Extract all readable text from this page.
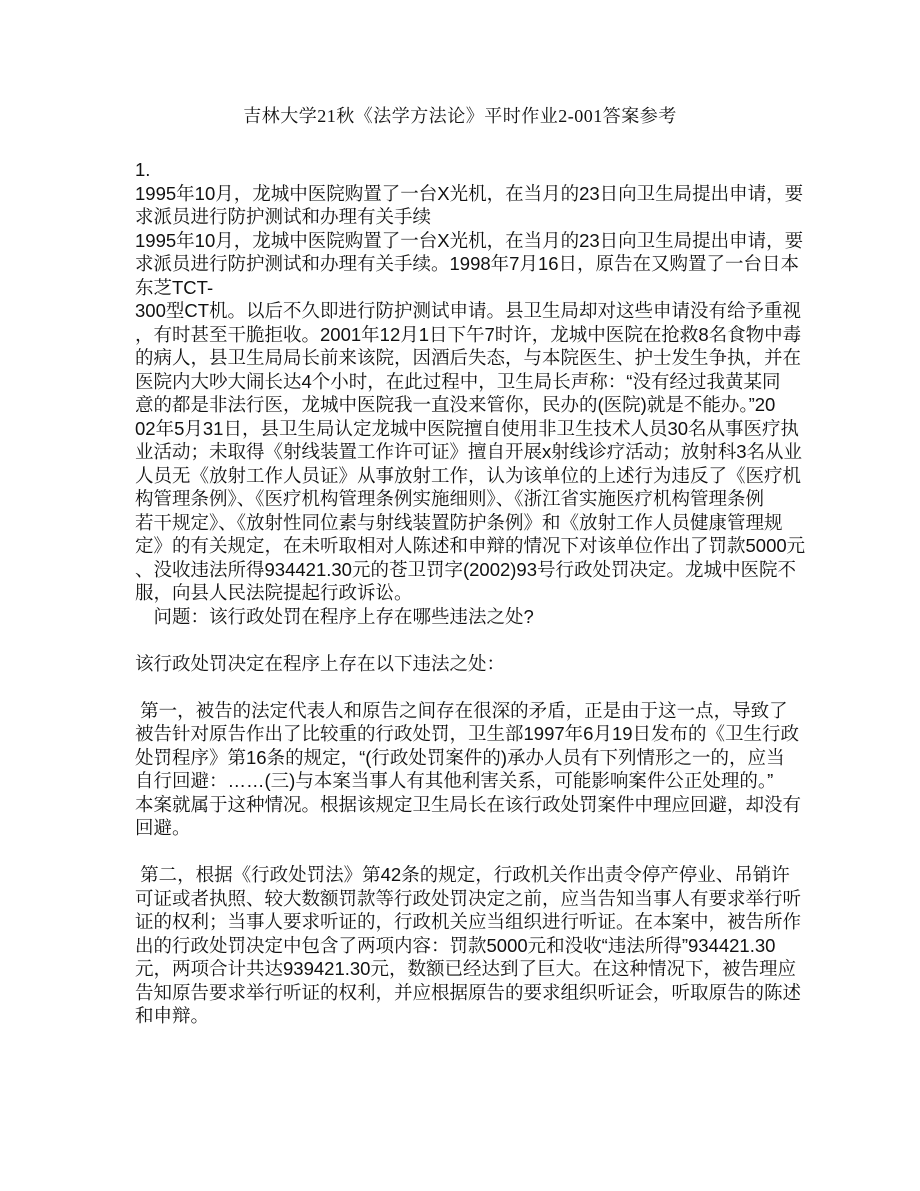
吉林大学21秋《法学方法论》平时作业2-001答案参考
1.
1995年10月，龙城中医院购置了一台X光机，在当月的23日向卫生局提出申请，要
求派员进行防护测试和办理有关手续
1995年10月，龙城中医院购置了一台X光机，在当月的23日向卫生局提出申请，要
求派员进行防护测试和办理有关手续。1998年7月16日，原告在又购置了一台日本
东芝TCT-
300型CT机。以后不久即进行防护测试申请。县卫生局却对这些申请没有给予重视
，有时甚至干脆拒收。2001年12月1日下午7时许，龙城中医院在抢救8名食物中毒
的病人，县卫生局局长前来该院，因酒后失态，与本院医生、护士发生争执，并在
医院内大吵大闹长达4个小时，在此过程中，卫生局长声称：“没有经过我黄某同
意的都是非法行医，龙城中医院我一直没来管你，民办的(医院)就是不能办。”20
02年5月31日，县卫生局认定龙城中医院擅自使用非卫生技术人员30名从事医疗执
业活动；未取得《射线装置工作许可证》擅自开展x射线诊疗活动；放射科3名从业
人员无《放射工作人员证》从事放射工作，认为该单位的上述行为违反了《医疗机
构管理条例》、《医疗机构管理条例实施细则》、《浙江省实施医疗机构管理条例
若干规定》、《放射性同位素与射线装置防护条例》和《放射工作人员健康管理规
定》的有关规定，在未听取相对人陈述和申辩的情况下对该单位作出了罚款5000元
、没收违法所得934421.30元的苍卫罚字(2002)93号行政处罚决定。龙城中医院不
服，向县人民法院提起行政诉讼。
　问题：该行政处罚在程序上存在哪些违法之处?
该行政处罚决定在程序上存在以下违法之处：
第一，被告的法定代表人和原告之间存在很深的矛盾，正是由于这一点，导致了
被告针对原告作出了比较重的行政处罚，卫生部1997年6月19日发布的《卫生行政
处罚程序》第16条的规定，“(行政处罚案件的)承办人员有下列情形之一的，应当
自行回避：……(三)与本案当事人有其他利害关系，可能影响案件公正处理的。”
本案就属于这种情况。根据该规定卫生局长在该行政处罚案件中理应回避，却没有
回避。
第二，根据《行政处罚法》第42条的规定，行政机关作出责令停产停业、吊销许
可证或者执照、较大数额罚款等行政处罚决定之前，应当告知当事人有要求举行听
证的权利；当事人要求听证的，行政机关应当组织进行听证。在本案中，被告所作
出的行政处罚决定中包含了两项内容：罚款5000元和没收“违法所得”934421.30
元，两项合计共达939421.30元，数额已经达到了巨大。在这种情况下，被告理应
告知原告要求举行听证的权利，并应根据原告的要求组织听证会，听取原告的陈述
和申辩。
